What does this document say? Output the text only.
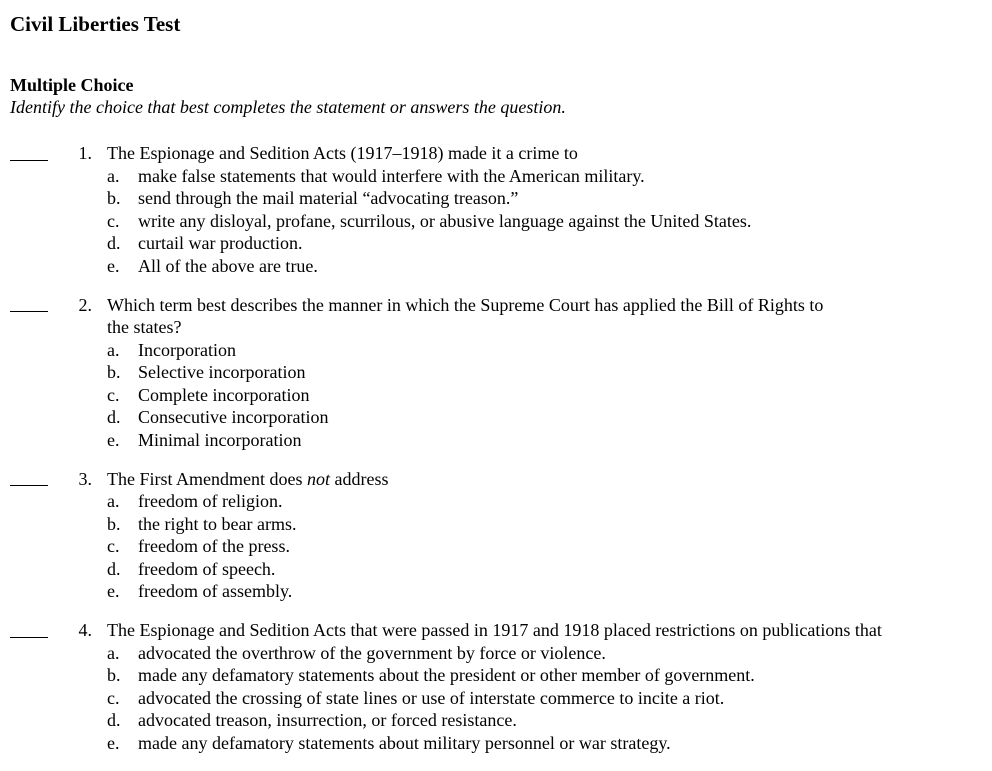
Civil Liberties Test
Multiple Choice
Identify the choice that best completes the statement or answers the question.
1. The Espionage and Sedition Acts (1917–1918) made it a crime to
a. make false statements that would interfere with the American military.
b. send through the mail material “advocating treason.”
c. write any disloyal, profane, scurrilous, or abusive language against the United States.
d. curtail war production.
e. All of the above are true.
2. Which term best describes the manner in which the Supreme Court has applied the Bill of Rights to
the states?
a. Incorporation
b. Selective incorporation
c. Complete incorporation
d. Consecutive incorporation
e. Minimal incorporation
3. The First Amendment does not address
a. freedom of religion.
b. the right to bear arms.
c. freedom of the press.
d. freedom of speech.
e. freedom of assembly.
4. The Espionage and Sedition Acts that were passed in 1917 and 1918 placed restrictions on publications that
a. advocated the overthrow of the government by force or violence.
b. made any defamatory statements about the president or other member of government.
c. advocated the crossing of state lines or use of interstate commerce to incite a riot.
d. advocated treason, insurrection, or forced resistance.
e. made any defamatory statements about military personnel or war strategy.
